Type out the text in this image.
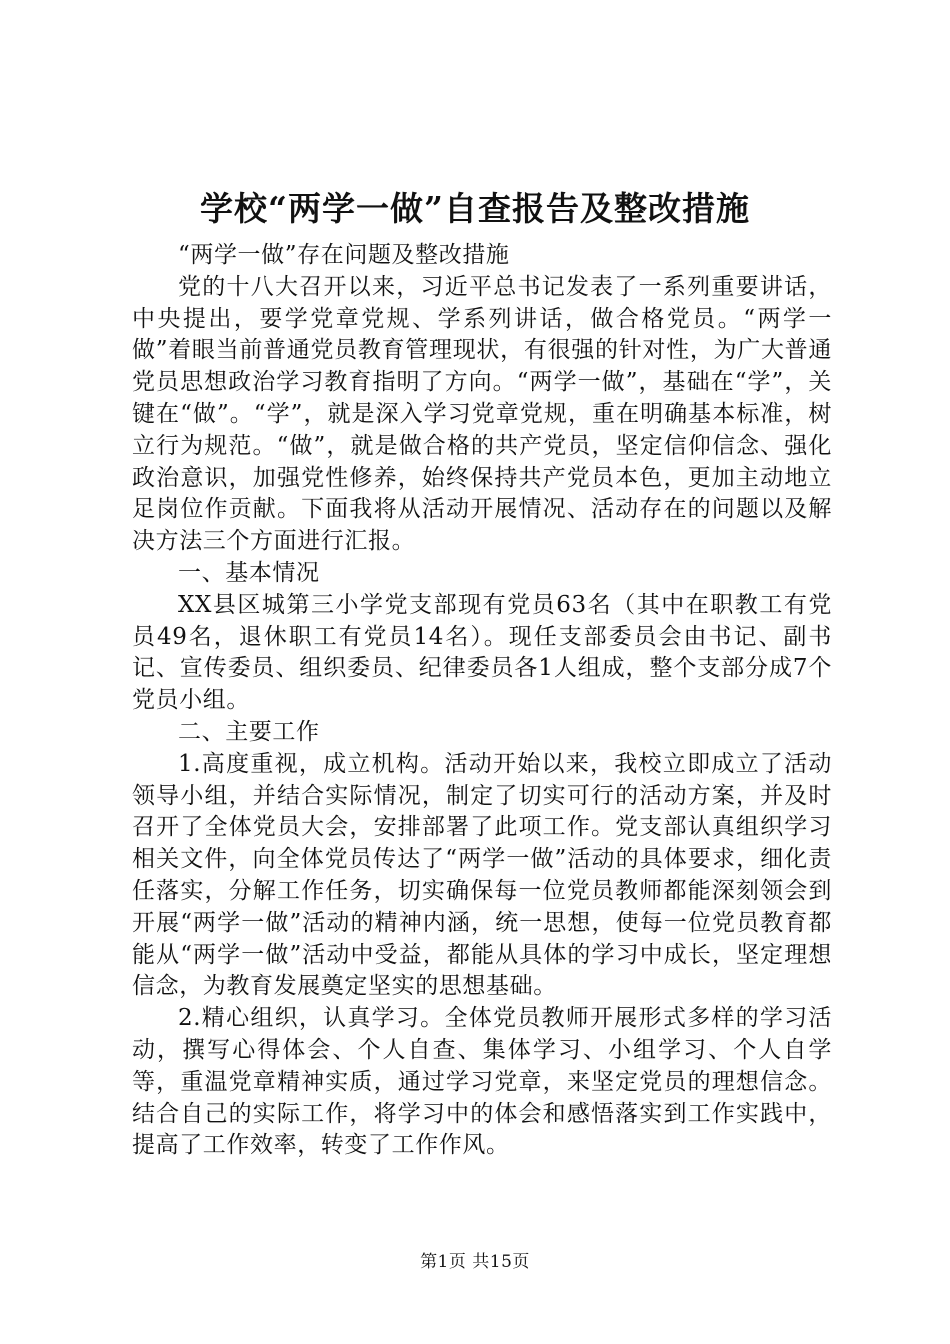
学校“两学一做”自查报告及整改措施

“两学一做”存在问题及整改措施

党的十八大召开以来，习近平总书记发表了一系列重要讲话，中央提出，要学党章党规、学系列讲话，做合格党员。“两学一做”着眼当前普通党员教育管理现状，有很强的针对性，为广大普通党员思想政治学习教育指明了方向。“两学一做”，基础在“学”，关键在“做”。“学”，就是深入学习党章党规，重在明确基本标准，树立行为规范。“做”，就是做合格的共产党员，坚定信仰信念、强化政治意识，加强党性修养，始终保持共产党员本色，更加主动地立足岗位作贡献。下面我将从活动开展情况、活动存在的问题以及解决方法三个方面进行汇报。

一、基本情况

XX县区城第三小学党支部现有党员63名（其中在职教工有党员49名，退休职工有党员14名）。现任支部委员会由书记、副书记、宣传委员、组织委员、纪律委员各1人组成，整个支部分成7个党员小组。

二、主要工作

1.高度重视，成立机构。活动开始以来，我校立即成立了活动领导小组，并结合实际情况，制定了切实可行的活动方案，并及时召开了全体党员大会，安排部署了此项工作。党支部认真组织学习相关文件，向全体党员传达了“两学一做”活动的具体要求，细化责任落实，分解工作任务，切实确保每一位党员教师都能深刻领会到开展“两学一做”活动的精神内涵，统一思想，使每一位党员教育都能从“两学一做”活动中受益，都能从具体的学习中成长，坚定理想信念，为教育发展奠定坚实的思想基础。

2.精心组织，认真学习。全体党员教师开展形式多样的学习活动，撰写心得体会、个人自查、集体学习、小组学习、个人自学等，重温党章精神实质，通过学习党章，来坚定党员的理想信念。结合自己的实际工作，将学习中的体会和感悟落实到工作实践中，提高了工作效率，转变了工作作风。

第1页 共15页
